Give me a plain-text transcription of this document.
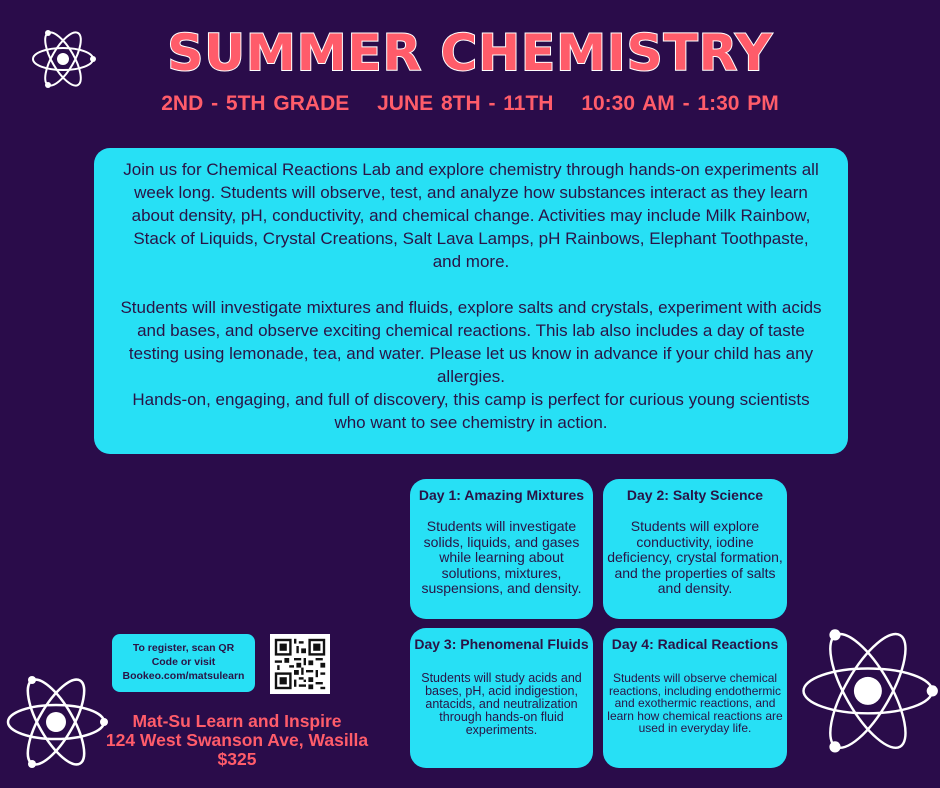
SUMMER CHEMISTRY
2ND - 5TH GRADE JUNE 8TH - 11TH 10:30 AM - 1:30 PM

Join us for Chemical Reactions Lab and explore chemistry through hands-on experiments all week long. Students will observe, test, and analyze how substances interact as they learn about density, pH, conductivity, and chemical change. Activities may include Milk Rainbow, Stack of Liquids, Crystal Creations, Salt Lava Lamps, pH Rainbows, Elephant Toothpaste, and more.

Students will investigate mixtures and fluids, explore salts and crystals, experiment with acids and bases, and observe exciting chemical reactions. This lab also includes a day of taste testing using lemonade, tea, and water. Please let us know in advance if your child has any allergies.

Hands-on, engaging, and full of discovery, this camp is perfect for curious young scientists who want to see chemistry in action.

Day 1: Amazing Mixtures

Students will investigate solids, liquids, and gases while learning about solutions, mixtures, suspensions, and density.

Day 2: Salty Science

Students will explore conductivity, iodine deficiency, crystal formation, and the properties of salts and density.

Day 3: Phenomenal Fluids

Students will study acids and bases, pH, acid indigestion, antacids, and neutralization through hands-on fluid experiments.

Day 4: Radical Reactions

Students will observe chemical reactions, including endothermic and exothermic reactions, and learn how chemical reactions are used in everyday life.

To register, scan QR
Code or visit
Bookeo.com/matsulearn
Mat-Su Learn and Inspire
124 West Swanson Ave, Wasilla
$325
